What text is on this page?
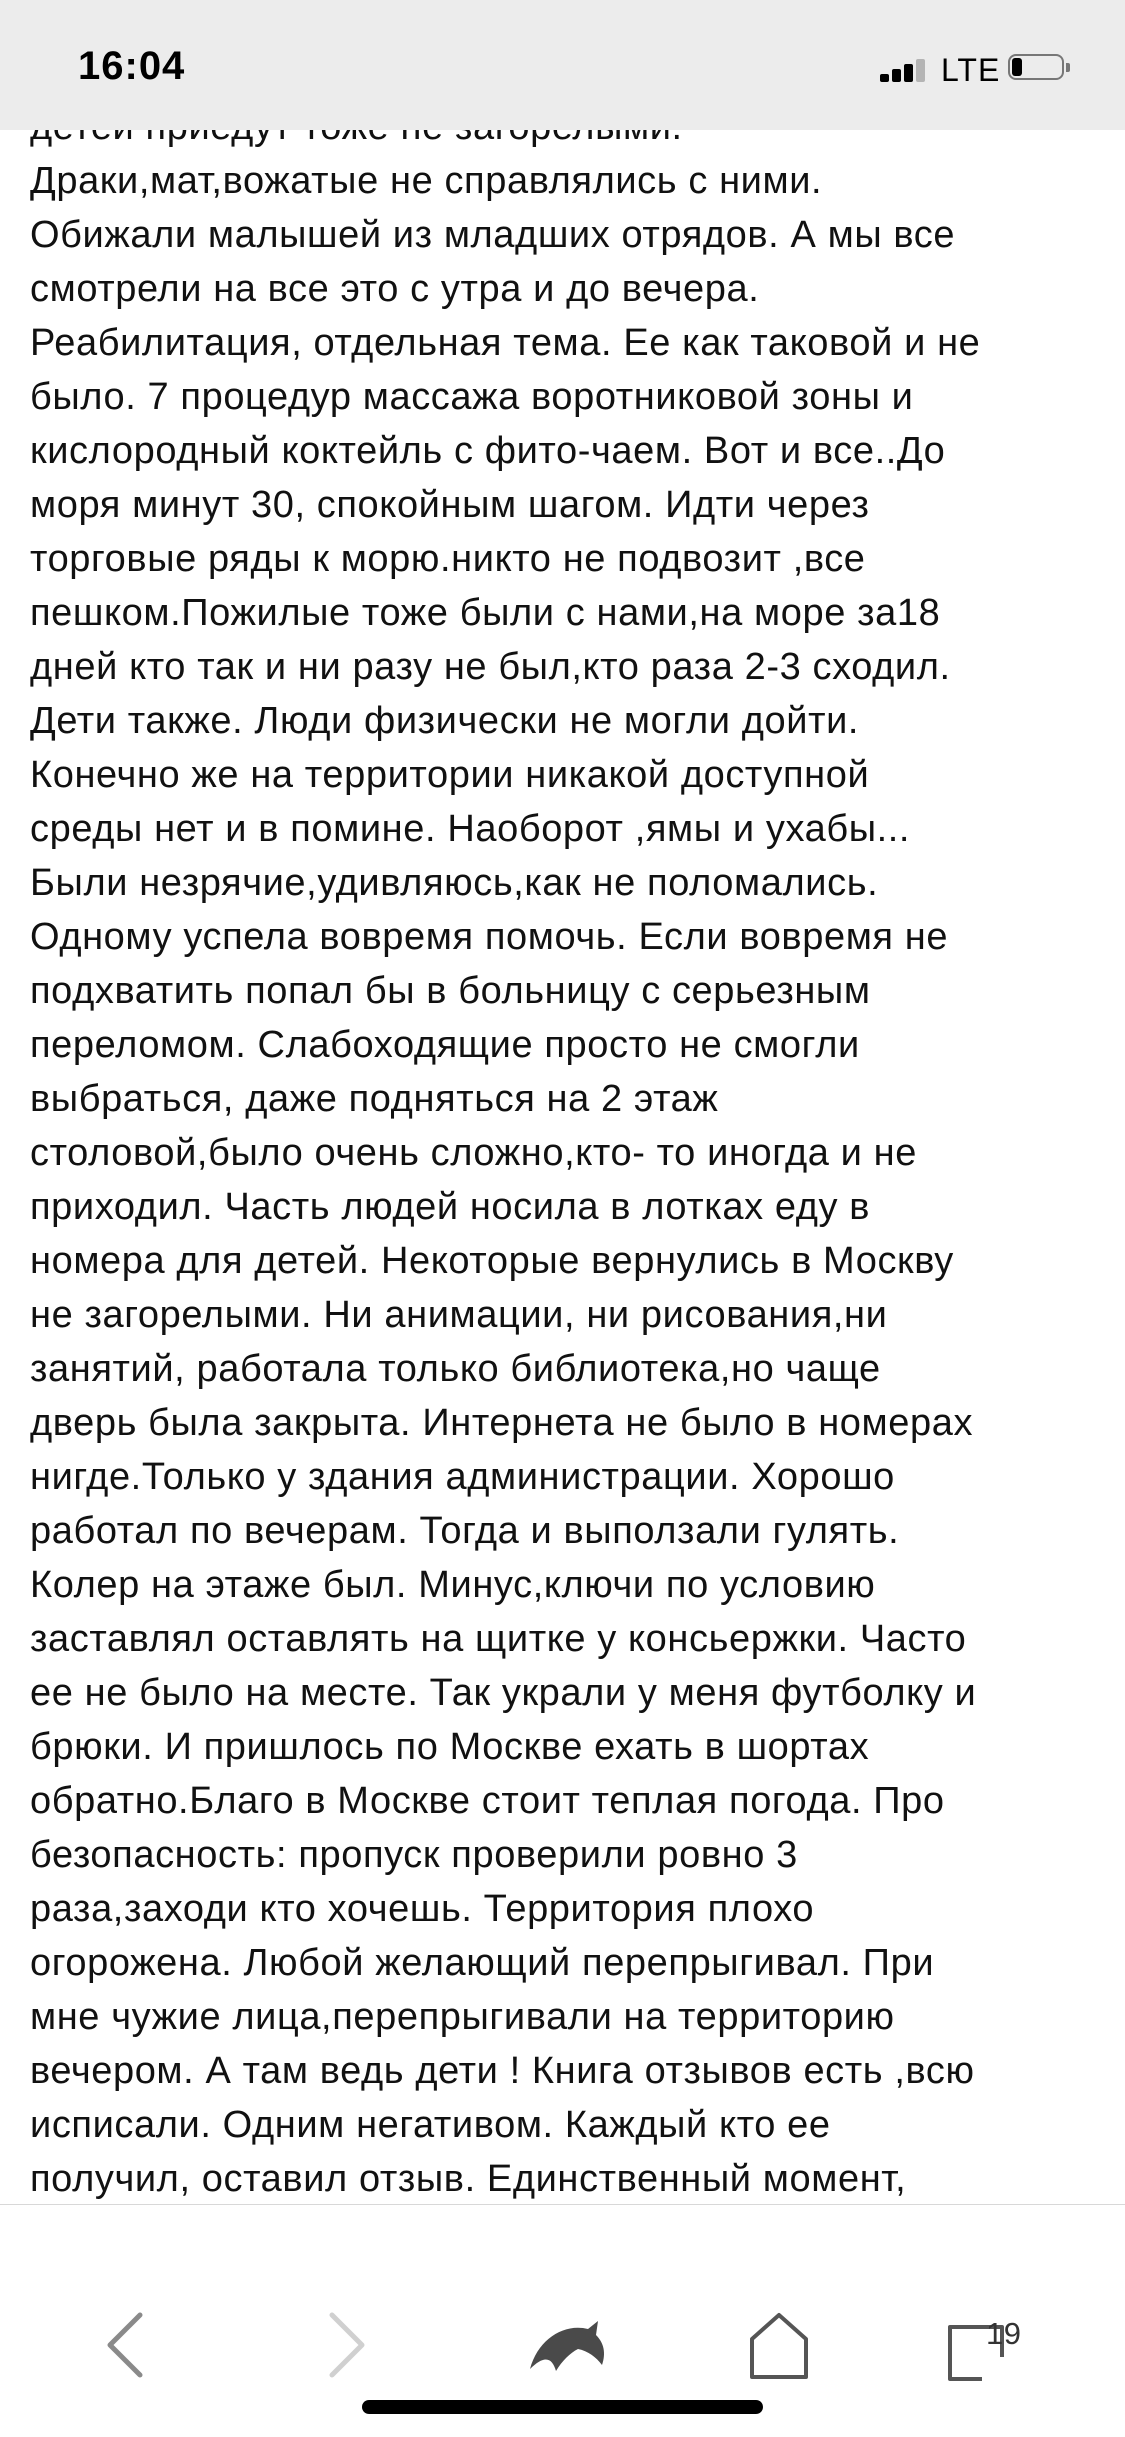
Драки,мат,вожатые не справлялись с ними.
Обижали малышей из младших отрядов. А мы все
смотрели на все это с утра и до вечера.
Реабилитация, отдельная тема. Ее как таковой и не
было. 7 процедур массажа воротниковой зоны и
кислородный коктейль с фито-чаем. Вот и все..До
моря минут 30, спокойным шагом. Идти через
торговые ряды к морю.никто не подвозит ,все
пешком.Пожилые тоже были с нами,на море за18
дней кто так и ни разу не был,кто раза 2-3 сходил.
Дети также. Люди физически не могли дойти.
Конечно же на территории никакой доступной
среды нет и в помине. Наоборот ,ямы и ухабы...
Были незрячие,удивляюсь,как не поломались.
Одному успела вовремя помочь. Если вовремя не
подхватить попал бы в больницу с серьезным
переломом. Слабоходящие просто не смогли
выбраться, даже подняться на 2 этаж
столовой,было очень сложно,кто- то иногда и не
приходил. Часть людей носила в лотках еду в
номера для детей. Некоторые вернулись в Москву
не загорелыми. Ни анимации, ни рисования,ни
занятий, работала только библиотека,но чаще
дверь была закрыта. Интернета не было в номерах
нигде.Только у здания администрации. Хорошо
работал по вечерам. Тогда и выползали гулять.
Колер на этаже был. Минус,ключи по условию
заставлял оставлять на щитке у консьержки. Часто
ее не было на месте. Так украли у меня футболку и
брюки. И пришлось по Москве ехать в шортах
обратно.Благо в Москве стоит теплая погода. Про
безопасность: пропуск проверили ровно 3
раза,заходи кто хочешь. Территория плохо
огорожена. Любой желающий перепрыгивал. При
мне чужие лица,перепрыгивали на территорию
вечером. А там ведь дети ! Книга отзывов есть ,всю
исписали. Одним негативом. Каждый кто ее
получил, оставил отзыв. Единственный момент,
16:04	LTE
19
